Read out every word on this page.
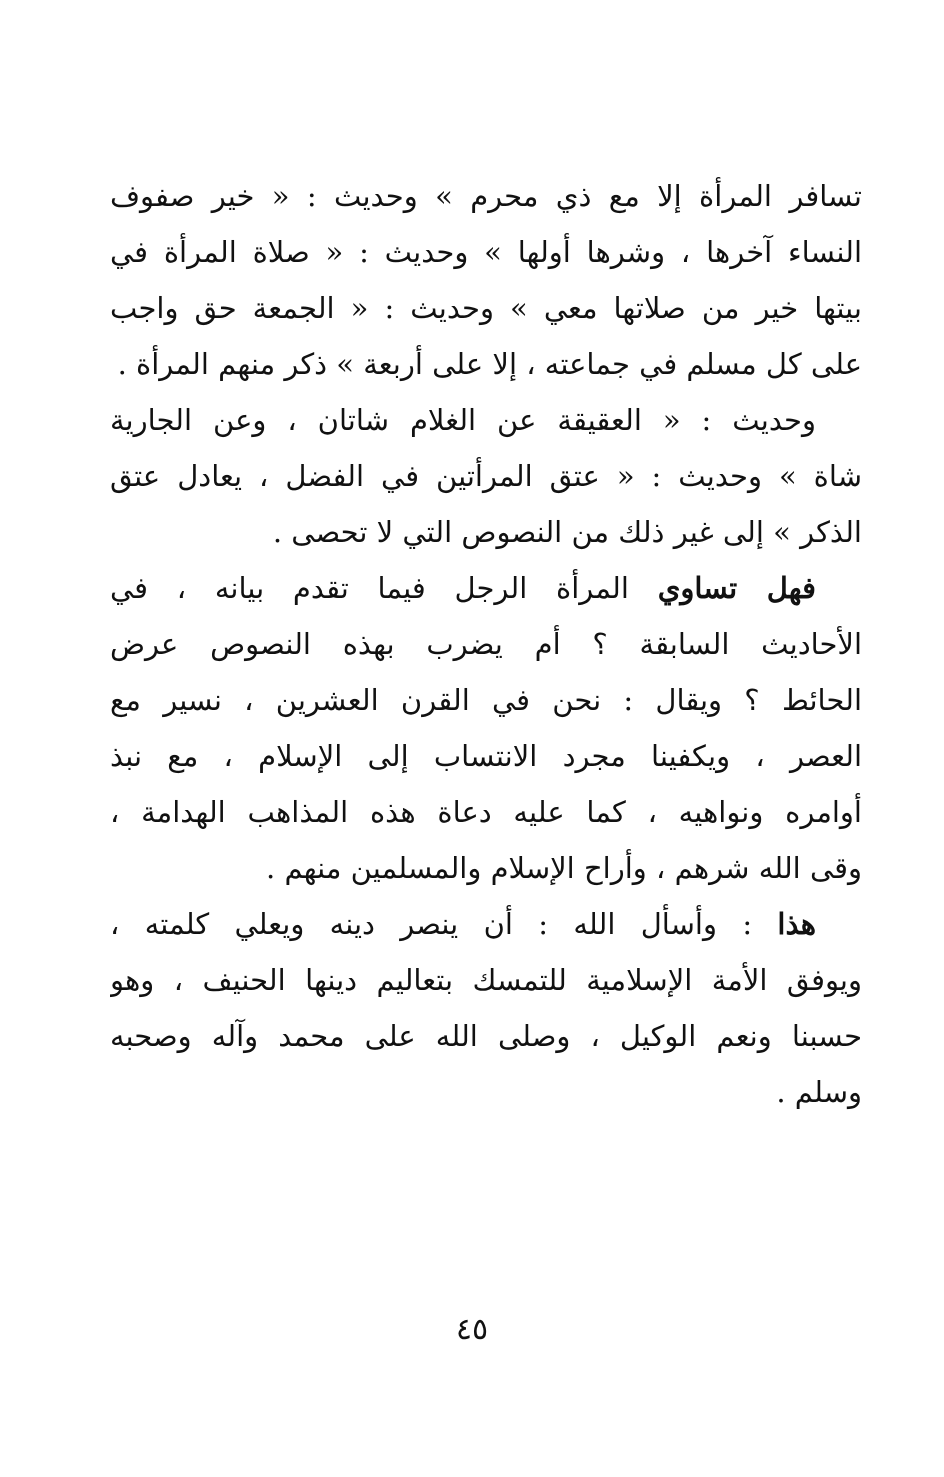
تسافر المرأة إلا مع ذي محرم » وحديث : « خير صفوف
النساء آخرها ، وشرها أولها » وحديث : « صلاة المرأة في
بيتها خير من صلاتها معي » وحديث : « الجمعة حق واجب
على كل مسلم في جماعته ، إلا على أربعة » ذكر منهم المرأة .
وحديث : « العقيقة عن الغلام شاتان ، وعن الجارية
شاة » وحديث : « عتق المرأتين في الفضل ، يعادل عتق
الذكر » إلى غير ذلك من النصوص التي لا تحصى .
فهل تساوي المرأة الرجل فيما تقدم بيانه ، في
الأحاديث السابقة ؟ أم يضرب بهذه النصوص عرض
الحائط ؟ ويقال : نحن في القرن العشرين ، نسير مع
العصر ، ويكفينا مجرد الانتساب إلى الإسلام ، مع نبذ
أوامره ونواهيه ، كما عليه دعاة هذه المذاهب الهدامة ،
وقى الله شرهم ، وأراح الإسلام والمسلمين منهم .
هذا : وأسأل الله : أن ينصر دينه ويعلي كلمته ،
ويوفق الأمة الإسلامية للتمسك بتعاليم دينها الحنيف ، وهو
حسبنا ونعم الوكيل ، وصلى الله على محمد وآله وصحبه
وسلم .
٤٥
